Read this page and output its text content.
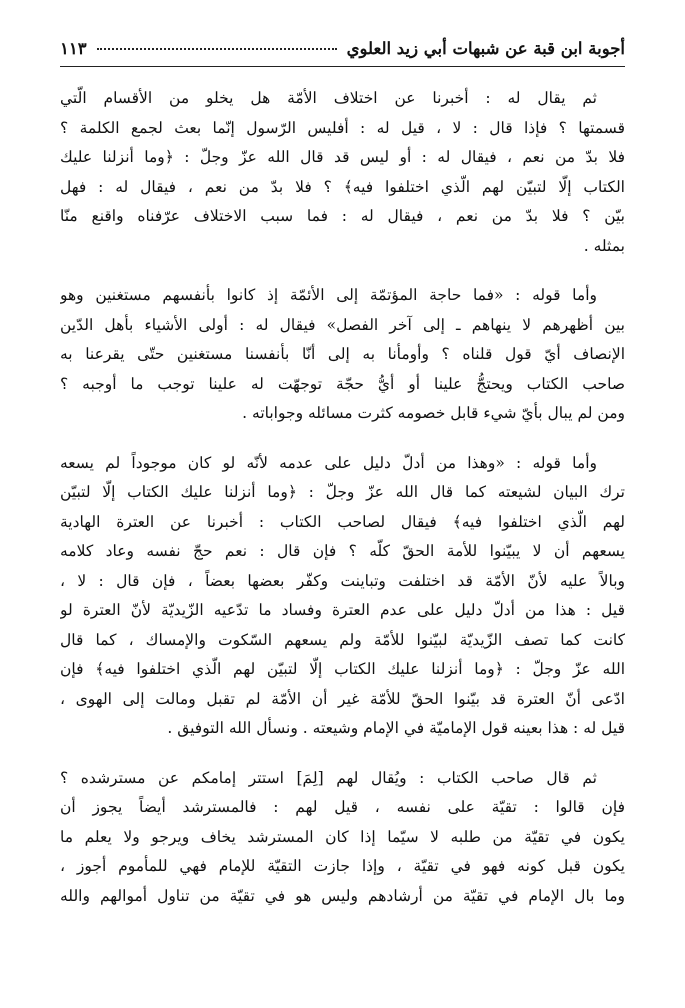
أجوبة ابن قبة عن شبهات أبي زيد العلوي
١١٣
ثم يقال له : أخبرنا عن اختلاف الأمّة هل يخلو من الأقسام الّتي
قسمتها ؟ فإذا قال : لا ، قيل له : أفليس الرّسول إنّما بعث لجمع الكلمة ؟
فلا بدّ من نعم ، فيقال له : أو ليس قد قال الله عزّ وجلّ : ﴿وما أنزلنا عليك
الكتاب إلّا لتبيّن لهم الّذي اختلفوا فيه﴾ ؟ فلا بدّ من نعم ، فيقال له : فهل
بيّن ؟ فلا بدّ من نعم ، فيقال له : فما سبب الاختلاف عرّفناه واقنع منّا
بمثله .
وأما قوله : «فما حاجة المؤتمّة إلى الأئمّة إذ كانوا بأنفسهم مستغنين وهو
بين أظهرهم لا ينهاهم ـ إلى آخر الفصل» فيقال له : أولى الأشياء بأهل الدّين
الإنصاف أيّ قول قلناه ؟ وأومأنا به إلى أنّا بأنفسنا مستغنين حتّى يقرعنا به
صاحب الكتاب ويحتجُّ علينا أو أيُّ حجّة توجهّت له علينا توجب ما أوجبه ؟
ومن لم يبال بأيّ شيء قابل خصومه كثرت مسائله وجواباته .
وأما قوله : «وهذا من أدلّ دليل على عدمه لأنّه لو كان موجوداً لم يسعه
ترك البيان لشيعته كما قال الله عزّ وجلّ : ﴿وما أنزلنا عليك الكتاب إلّا لتبيّن
لهم الّذي اختلفوا فيه﴾ فيقال لصاحب الكتاب : أخبرنا عن العترة الهادية
يسعهم أن لا يبيّنوا للأمة الحقّ كلّه ؟ فإن قال : نعم حجّ نفسه وعاد كلامه
وبالاً عليه لأنّ الأمّة قد اختلفت وتباينت وكفّر بعضها بعضاً ، فإن قال : لا ،
قيل : هذا من أدلّ دليل على عدم العترة وفساد ما تدّعيه الزّيديّة لأنّ العترة لو
كانت كما تصف الزّيديّة لبيّنوا للأمّة ولم يسعهم السّكوت والإمساك ، كما قال
الله عزّ وجلّ : ﴿وما أنزلنا عليك الكتاب إلّا لتبيّن لهم الّذي اختلفوا فيه﴾ فإن
ادّعى أنّ العترة قد بيّنوا الحقّ للأمّة غير أن الأمّة لم تقبل ومالت إلى الهوى ،
قيل له : هذا بعينه قول الإماميّة في الإمام وشيعته . ونسأل الله التوفيق .
ثم قال صاحب الكتاب : ويُقال لهم [لِمَ] استتر إمامكم عن مسترشده ؟
فإن قالوا : تقيّة على نفسه ، قيل لهم : فالمسترشد أيضاً يجوز أن
يكون في تقيّة من طلبه لا سيّما إذا كان المسترشد يخاف ويرجو ولا يعلم ما
يكون قبل كونه فهو في تقيّة ، وإذا جازت التقيّة للإمام فهي للمأموم أجوز ،
وما بال الإمام في تقيّة من أرشادهم وليس هو في تقيّة من تناول أموالهم والله
